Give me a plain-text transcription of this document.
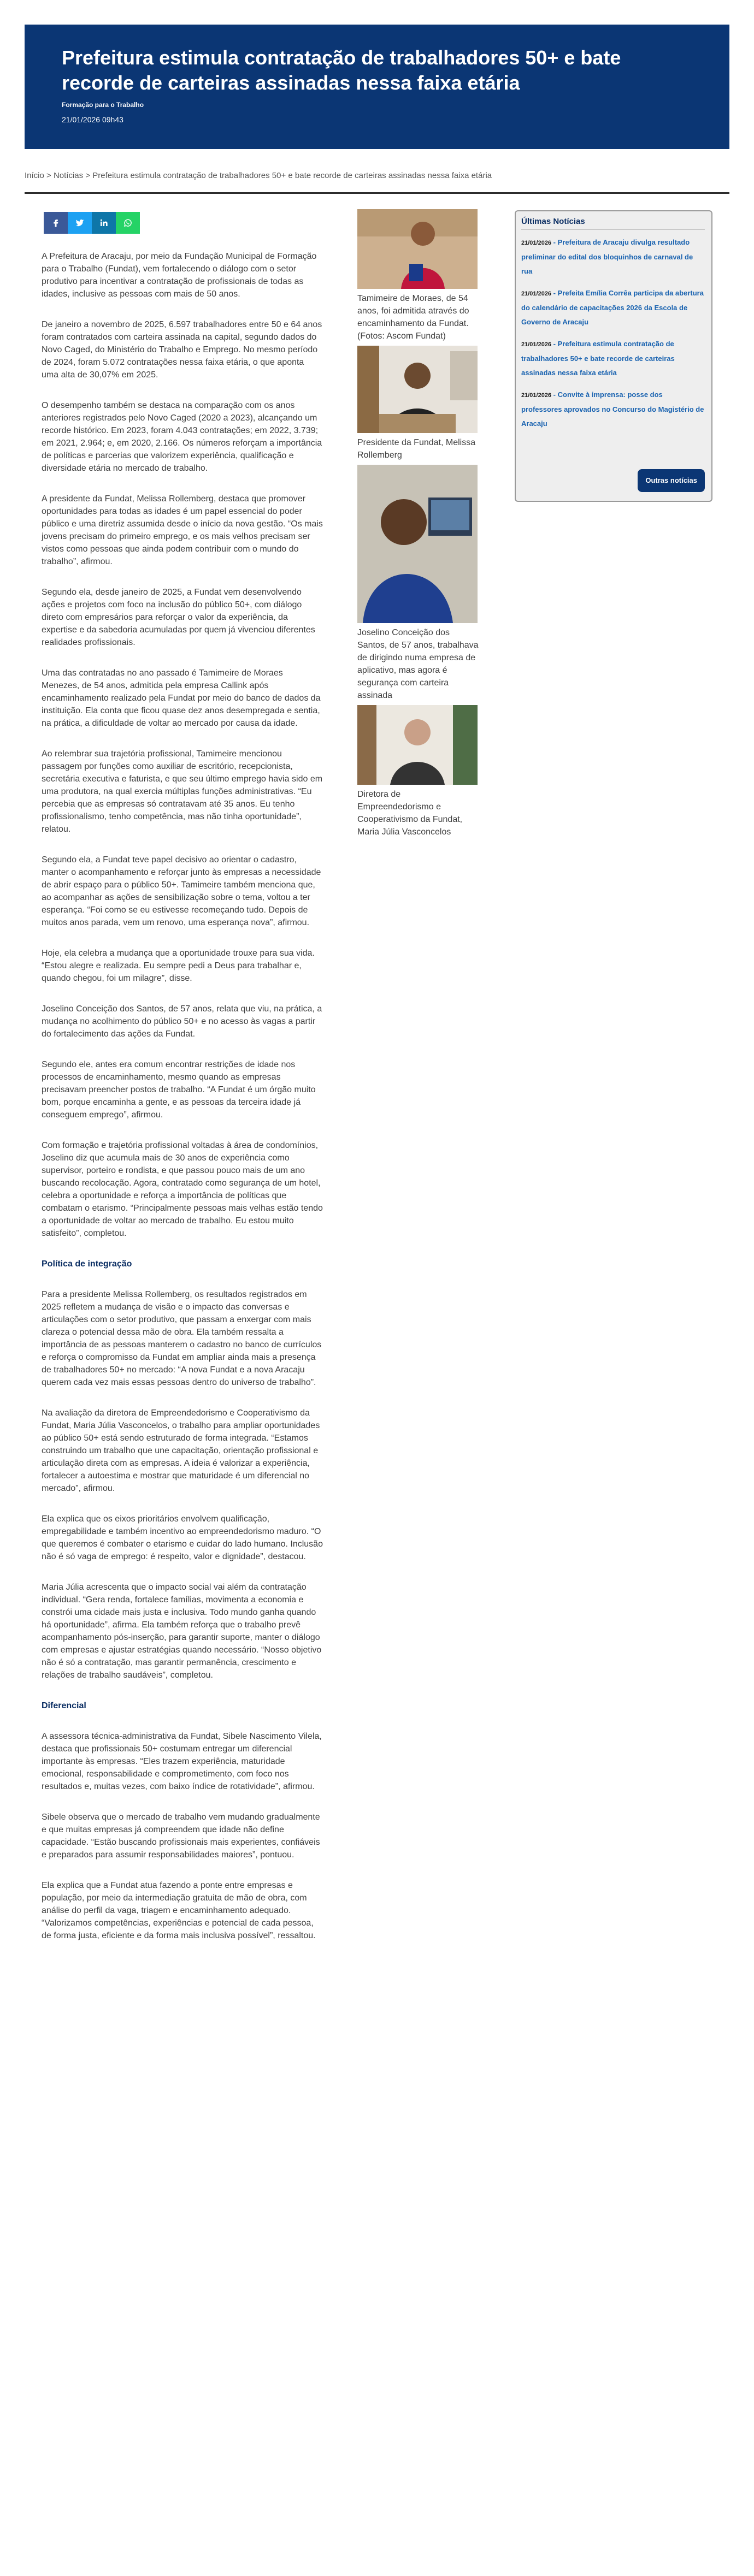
Prefeitura estimula contratação de trabalhadores 50+ e bate recorde de carteiras assinadas nessa faixa etária
Formação para o Trabalho
21/01/2026 09h43
Início > Notícias > Prefeitura estimula contratação de trabalhadores 50+ e bate recorde de carteiras assinadas nessa faixa etária

A Prefeitura de Aracaju, por meio da Fundação Municipal de Formação para o Trabalho (Fundat), vem fortalecendo o diálogo com o setor produtivo para incentivar a contratação de profissionais de todas as idades, inclusive as pessoas com mais de 50 anos.

De janeiro a novembro de 2025, 6.597 trabalhadores entre 50 e 64 anos foram contratados com carteira assinada na capital, segundo dados do Novo Caged, do Ministério do Trabalho e Emprego. No mesmo período de 2024, foram 5.072 contratações nessa faixa etária, o que aponta uma alta de 30,07% em 2025.

O desempenho também se destaca na comparação com os anos anteriores registrados pelo Novo Caged (2020 a 2023), alcançando um recorde histórico. Em 2023, foram 4.043 contratações; em 2022, 3.739; em 2021, 2.964; e, em 2020, 2.166. Os números reforçam a importância de políticas e parcerias que valorizem experiência, qualificação e diversidade etária no mercado de trabalho.

A presidente da Fundat, Melissa Rollemberg, destaca que promover oportunidades para todas as idades é um papel essencial do poder público e uma diretriz assumida desde o início da nova gestão. “Os mais jovens precisam do primeiro emprego, e os mais velhos precisam ser vistos como pessoas que ainda podem contribuir com o mundo do trabalho”, afirmou.

Segundo ela, desde janeiro de 2025, a Fundat vem desenvolvendo ações e projetos com foco na inclusão do público 50+, com diálogo direto com empresários para reforçar o valor da experiência, da expertise e da sabedoria acumuladas por quem já vivenciou diferentes realidades profissionais.

Uma das contratadas no ano passado é Tamimeire de Moraes Menezes, de 54 anos, admitida pela empresa Callink após encaminhamento realizado pela Fundat por meio do banco de dados da instituição. Ela conta que ficou quase dez anos desempregada e sentia, na prática, a dificuldade de voltar ao mercado por causa da idade.

Ao relembrar sua trajetória profissional, Tamimeire mencionou passagem por funções como auxiliar de escritório, recepcionista, secretária executiva e faturista, e que seu último emprego havia sido em uma produtora, na qual exercia múltiplas funções administrativas. “Eu percebia que as empresas só contratavam até 35 anos. Eu tenho profissionalismo, tenho competência, mas não tinha oportunidade”, relatou.

Segundo ela, a Fundat teve papel decisivo ao orientar o cadastro, manter o acompanhamento e reforçar junto às empresas a necessidade de abrir espaço para o público 50+. Tamimeire também menciona que, ao acompanhar as ações de sensibilização sobre o tema, voltou a ter esperança. “Foi como se eu estivesse recomeçando tudo. Depois de muitos anos parada, vem um renovo, uma esperança nova”, afirmou.

Hoje, ela celebra a mudança que a oportunidade trouxe para sua vida. “Estou alegre e realizada. Eu sempre pedi a Deus para trabalhar e, quando chegou, foi um milagre”, disse.

Joselino Conceição dos Santos, de 57 anos, relata que viu, na prática, a mudança no acolhimento do público 50+ e no acesso às vagas a partir do fortalecimento das ações da Fundat.

Segundo ele, antes era comum encontrar restrições de idade nos processos de encaminhamento, mesmo quando as empresas precisavam preencher postos de trabalho. “A Fundat é um órgão muito bom, porque encaminha a gente, e as pessoas da terceira idade já conseguem emprego”, afirmou.

Com formação e trajetória profissional voltadas à área de condomínios, Joselino diz que acumula mais de 30 anos de experiência como supervisor, porteiro e rondista, e que passou pouco mais de um ano buscando recolocação. Agora, contratado como segurança de um hotel, celebra a oportunidade e reforça a importância de políticas que combatam o etarismo. “Principalmente pessoas mais velhas estão tendo a oportunidade de voltar ao mercado de trabalho. Eu estou muito satisfeito”, completou.

Política de integração

Para a presidente Melissa Rollemberg, os resultados registrados em 2025 refletem a mudança de visão e o impacto das conversas e articulações com o setor produtivo, que passam a enxergar com mais clareza o potencial dessa mão de obra. Ela também ressalta a importância de as pessoas manterem o cadastro no banco de currículos e reforça o compromisso da Fundat em ampliar ainda mais a presença de trabalhadores 50+ no mercado: “A nova Fundat e a nova Aracaju querem cada vez mais essas pessoas dentro do universo de trabalho”.

Na avaliação da diretora de Empreendedorismo e Cooperativismo da Fundat, Maria Júlia Vasconcelos, o trabalho para ampliar oportunidades ao público 50+ está sendo estruturado de forma integrada. “Estamos construindo um trabalho que une capacitação, orientação profissional e articulação direta com as empresas. A ideia é valorizar a experiência, fortalecer a autoestima e mostrar que maturidade é um diferencial no mercado”, afirmou.

Ela explica que os eixos prioritários envolvem qualificação, empregabilidade e também incentivo ao empreendedorismo maduro. “O que queremos é combater o etarismo e cuidar do lado humano. Inclusão não é só vaga de emprego: é respeito, valor e dignidade”, destacou.

Maria Júlia acrescenta que o impacto social vai além da contratação individual. “Gera renda, fortalece famílias, movimenta a economia e constrói uma cidade mais justa e inclusiva. Todo mundo ganha quando há oportunidade”, afirma. Ela também reforça que o trabalho prevê acompanhamento pós-inserção, para garantir suporte, manter o diálogo com empresas e ajustar estratégias quando necessário. “Nosso objetivo não é só a contratação, mas garantir permanência, crescimento e relações de trabalho saudáveis”, completou.

Diferencial

A assessora técnica-administrativa da Fundat, Sibele Nascimento Vilela, destaca que profissionais 50+ costumam entregar um diferencial importante às empresas. “Eles trazem experiência, maturidade emocional, responsabilidade e comprometimento, com foco nos resultados e, muitas vezes, com baixo índice de rotatividade”, afirmou.

Sibele observa que o mercado de trabalho vem mudando gradualmente e que muitas empresas já compreendem que idade não define capacidade. “Estão buscando profissionais mais experientes, confiáveis e preparados para assumir responsabilidades maiores”, pontuou.

Ela explica que a Fundat atua fazendo a ponte entre empresas e população, por meio da intermediação gratuita de mão de obra, com análise do perfil da vaga, triagem e encaminhamento adequado. “Valorizamos competências, experiências e potencial de cada pessoa, de forma justa, eficiente e da forma mais inclusiva possível”, ressaltou.

Tamimeire de Moraes, de 54 anos, foi admitida através do encaminhamento da Fundat. (Fotos: Ascom Fundat)
Presidente da Fundat, Melissa Rollemberg
Joselino Conceição dos Santos, de 57 anos, trabalhava de dirigindo numa empresa de aplicativo, mas agora é segurança com carteira assinada
Diretora de Empreendedorismo e Cooperativismo da Fundat, Maria Júlia Vasconcelos
Últimas Notícias
21/01/2026 - Prefeitura de Aracaju divulga resultado preliminar do edital dos bloquinhos de carnaval de rua
21/01/2026 - Prefeita Emília Corrêa participa da abertura do calendário de capacitações 2026 da Escola de Governo de Aracaju
21/01/2026 - Prefeitura estimula contratação de trabalhadores 50+ e bate recorde de carteiras assinadas nessa faixa etária
21/01/2026 - Convite à imprensa: posse dos professores aprovados no Concurso do Magistério de Aracaju
Outras notícias
